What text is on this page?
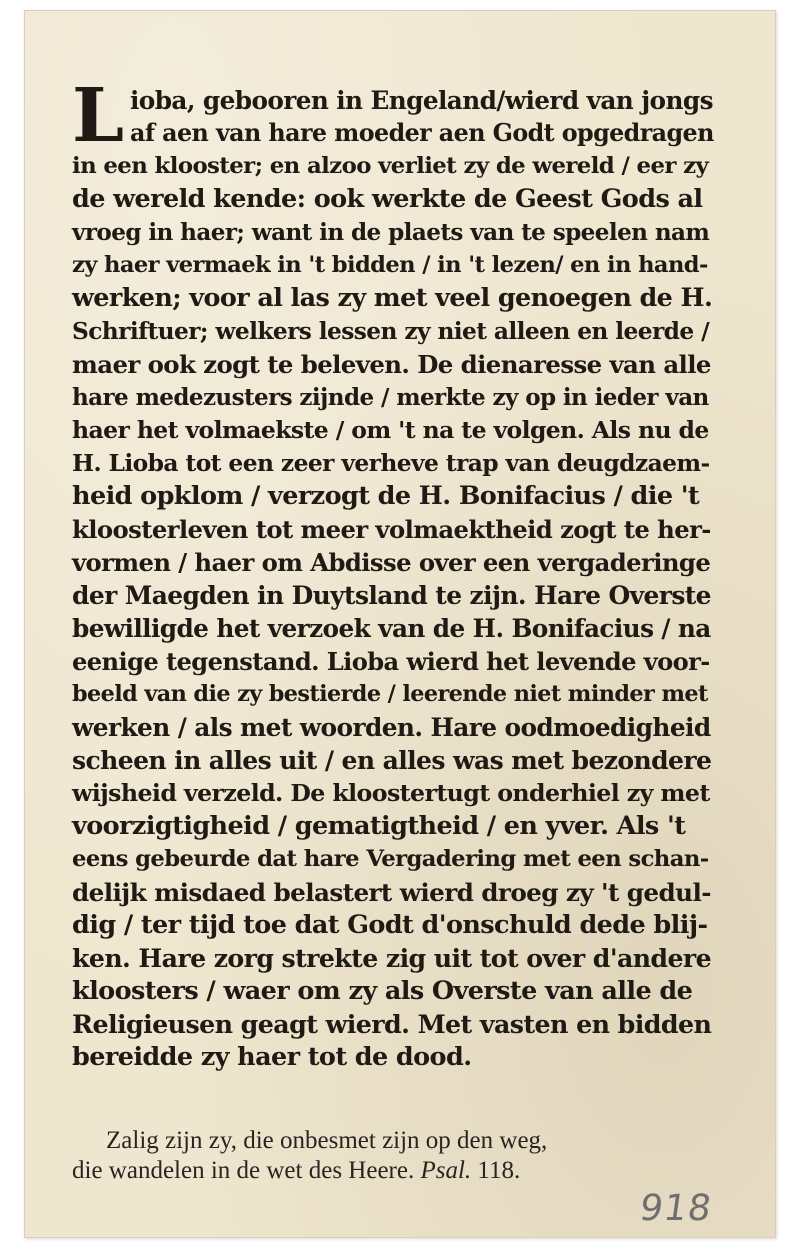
L ioba, gebooren in Engeland/wierd van jongs
af aen van hare moeder aen Godt opgedragen
in een klooster; en alzoo verliet zy de wereld / eer zy
de wereld kende: ook werkte de Geest Gods al
vroeg in haer; want in de plaets van te speelen nam
zy haer vermaek in 't bidden / in 't lezen/ en in hand-
werken; voor al las zy met veel genoegen de H.
Schriftuer; welkers lessen zy niet alleen en leerde /
maer ook zogt te beleven. De dienaresse van alle
hare medezusters zijnde / merkte zy op in ieder van
haer het volmaekste / om 't na te volgen. Als nu de
H. Lioba tot een zeer verheve trap van deugdzaem-
heid opklom / verzogt de H. Bonifacius / die 't
kloosterleven tot meer volmaektheid zogt te her-
vormen / haer om Abdisse over een vergaderinge
der Maegden in Duytsland te zijn. Hare Overste
bewilligde het verzoek van de H. Bonifacius / na
eenige tegenstand. Lioba wierd het levende voor-
beeld van die zy bestierde / leerende niet minder met
werken / als met woorden. Hare oodmoedigheid
scheen in alles uit / en alles was met bezondere
wijsheid verzeld. De kloostertugt onderhiel zy met
voorzigtigheid / gematigtheid / en yver. Als 't
eens gebeurde dat hare Vergadering met een schan-
delijk misdaed belastert wierd droeg zy 't gedul-
dig / ter tijd toe dat Godt d'onschuld dede blij-
ken. Hare zorg strekte zig uit tot over d'andere
kloosters / waer om zy als Overste van alle de
Religieusen geagt wierd. Met vasten en bidden
bereidde zy haer tot de dood.
Zalig zijn zy, die onbesmet zijn op den weg,
die wandelen in de wet des Heere. Psal. 118.
918
